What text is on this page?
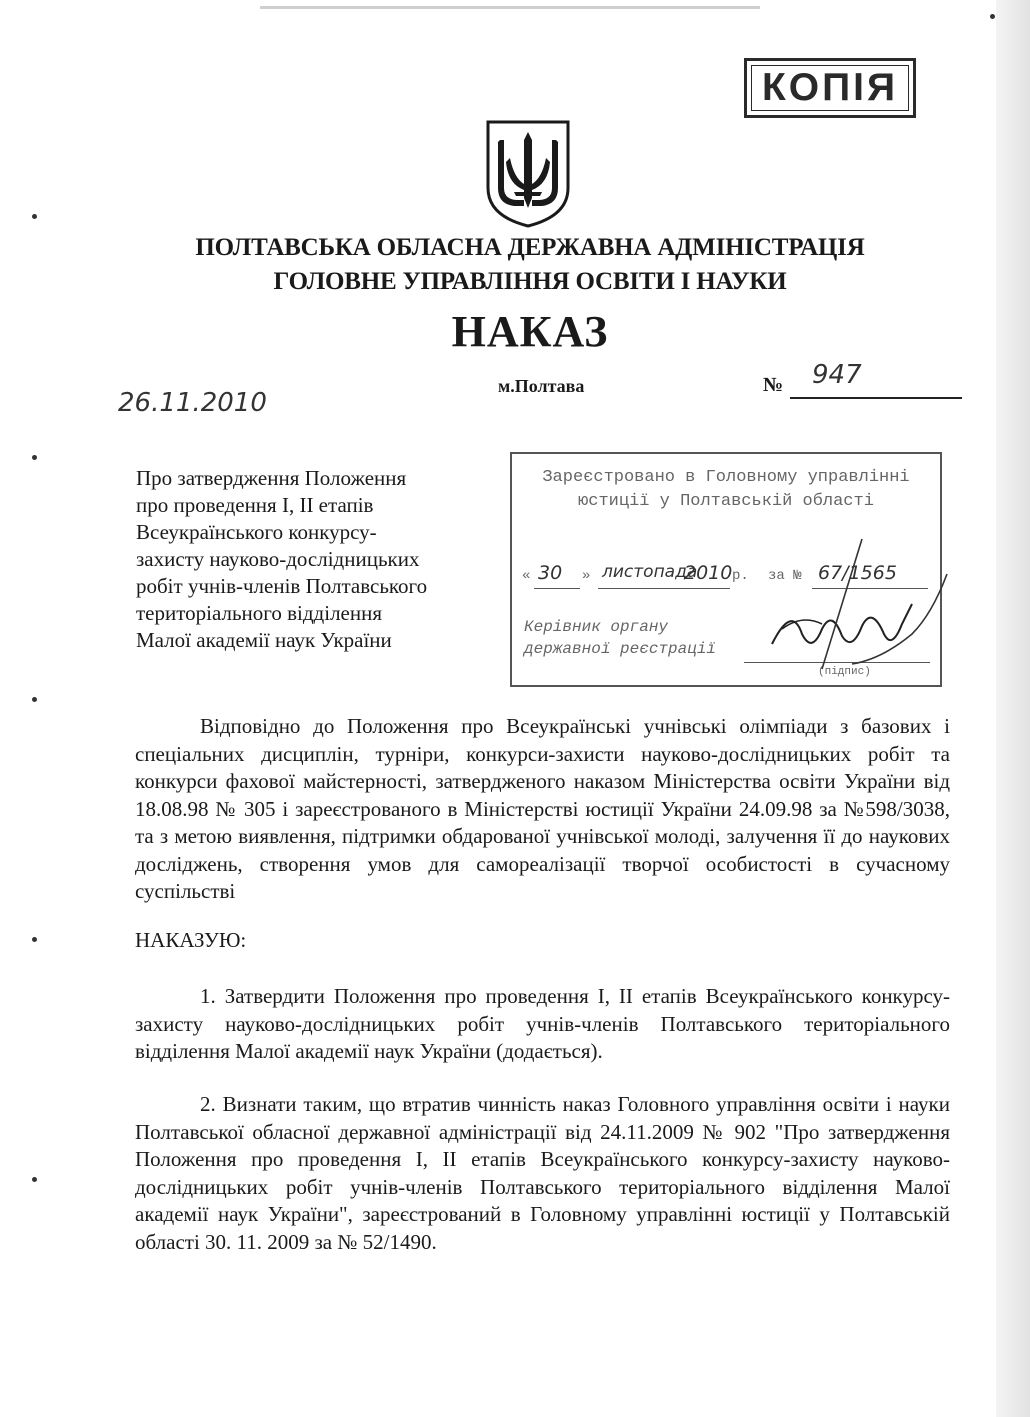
КОПІЯ
ПОЛТАВСЬКА ОБЛАСНА ДЕРЖАВНА АДМІНІСТРАЦІЯ
ГОЛОВНЕ УПРАВЛІННЯ ОСВІТИ І НАУКИ
НАКАЗ
26.11.2010
м.Полтава	№ 947
Про затвердження Положення
про проведення І, ІІ етапів
Всеукраїнського конкурсу-
захисту науково-дослідницьких
робіт учнів-членів Полтавського
територіального відділення
Малої академії наук України
Зареєстровано в Головному управлінні
юстиції у Полтавській області
« 30 » листопада
2010 р. за № 67/1565
Керівник органу
державної реєстрації
(підпис)
Відповідно до Положення про Всеукраїнські учнівські олімпіади з базових і спеціальних дисциплін, турніри, конкурси-захисти науково-дослідницьких робіт та конкурси фахової майстерності, затвердженого наказом Міністерства освіти України від 18.08.98 № 305 і зареєстрованого в Міністерстві юстиції України 24.09.98 за №598/3038, та з метою виявлення, підтримки обдарованої учнівської молоді, залучення її до наукових досліджень, створення умов для самореалізації творчої особистості в сучасному суспільстві
НАКАЗУЮ:
1. Затвердити Положення про проведення І, ІІ етапів Всеукраїнського конкурсу-захисту науково-дослідницьких робіт учнів-членів Полтавського територіального відділення Малої академії наук України (додається).
2. Визнати таким, що втратив чинність наказ Головного управління освіти і науки Полтавської обласної державної адміністрації від 24.11.2009 № 902 "Про затвердження Положення про проведення І, ІІ етапів Всеукраїнського конкурсу-захисту науково-дослідницьких робіт учнів-членів Полтавського територіального відділення Малої академії наук України", зареєстрований в Головному управлінні юстиції у Полтавській області 30. 11. 2009 за № 52/1490.
